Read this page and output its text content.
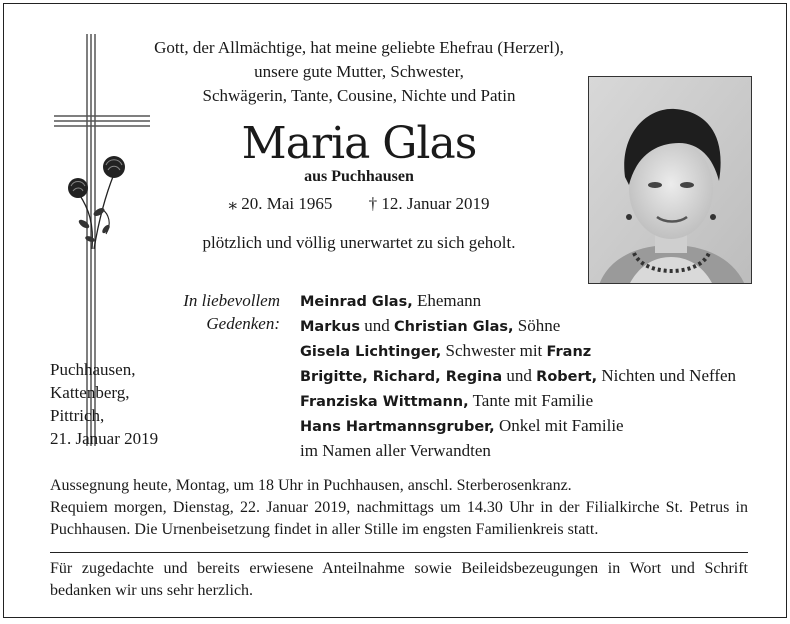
Gott, der Allmächtige, hat meine geliebte Ehefrau (Herzerl),
unsere gute Mutter, Schwester,
Schwägerin, Tante, Cousine, Nichte und Patin
Maria Glas
aus Puchhausen
⁎ 20. Mai 1965 † 12. Januar 2019
plötzlich und völlig unerwartet zu sich geholt.
In liebevollem
Gedenken:
Meinrad Glas, Ehemann
Markus und Christian Glas, Söhne
Gisela Lichtinger, Schwester mit Franz
Brigitte, Richard, Regina und Robert, Nichten und Neffen
Franziska Wittmann, Tante mit Familie
Hans Hartmannsgruber, Onkel mit Familie
im Namen aller Verwandten
Puchhausen,
Kattenberg,
Pittrich,
21. Januar 2019
Aussegnung heute, Montag, um 18 Uhr in Puchhausen, anschl. Sterberosenkranz.
Requiem morgen, Dienstag, 22. Januar 2019, nachmittags um 14.30 Uhr in der Filialkirche St. Petrus in Puchhausen. Die Urnenbeisetzung findet in aller Stille im engsten Familienkreis statt.
Für zugedachte und bereits erwiesene Anteilnahme sowie Beileidsbezeugungen in Wort und Schrift bedanken wir uns sehr herzlich.
